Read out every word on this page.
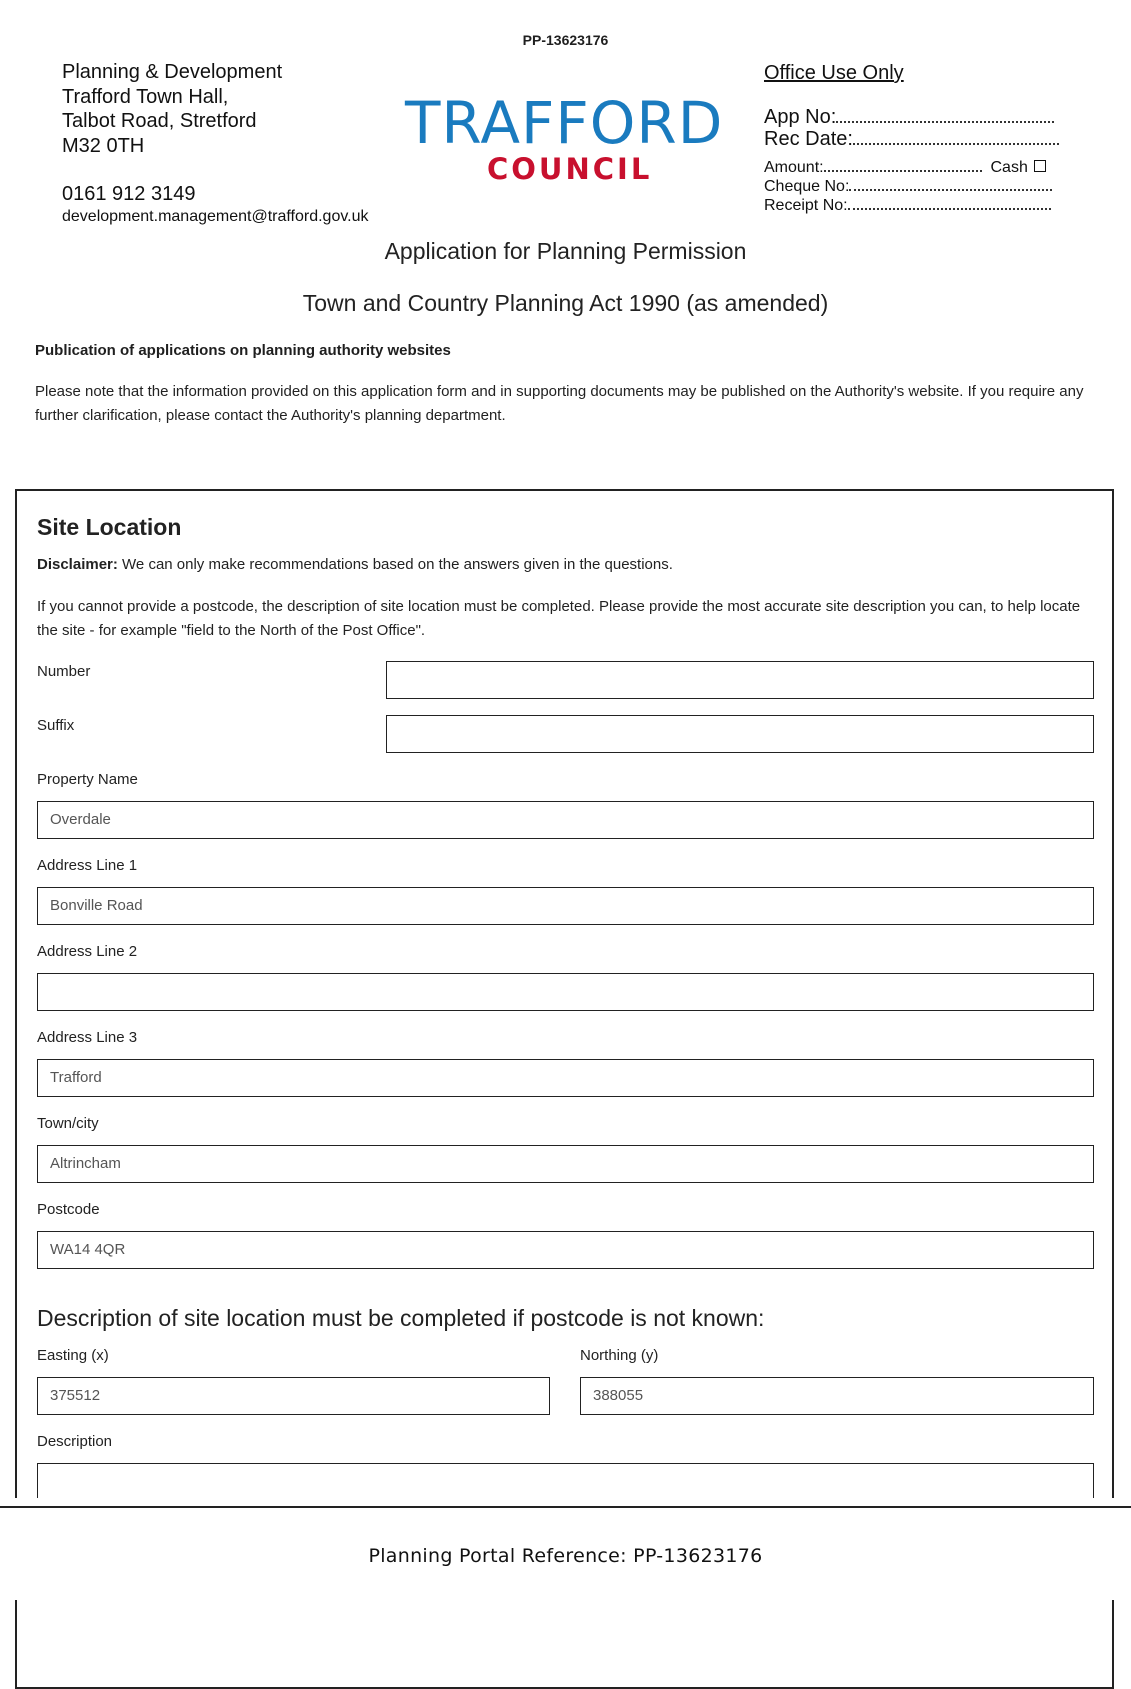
PP-13623176
Planning & Development
Trafford Town Hall,
Talbot Road, Stretford
M32 0TH
0161 912 3149
development.management@trafford.gov.uk
TRAFFORD
COUNCIL
Office Use Only
App No:
Rec Date:
Amount:	Cash
Cheque No:
Receipt No:
Application for Planning Permission
Town and Country Planning Act 1990 (as amended)
Publication of applications on planning authority websites
Please note that the information provided on this application form and in supporting documents may be published on the Authority's website. If you require any further clarification, please contact the Authority's planning department.
Site Location
Disclaimer: We can only make recommendations based on the answers given in the questions.
If you cannot provide a postcode, the description of site location must be completed. Please provide the most accurate site description you can, to help locate the site - for example "field to the North of the Post Office".
Number
Suffix
Property Name
Overdale
Address Line 1
Bonville Road
Address Line 2
Address Line 3
Trafford
Town/city
Altrincham
Postcode
WA14 4QR
Description of site location must be completed if postcode is not known:
Easting (x)
375512
Northing (y)
388055
Description
Planning Portal Reference: PP-13623176
